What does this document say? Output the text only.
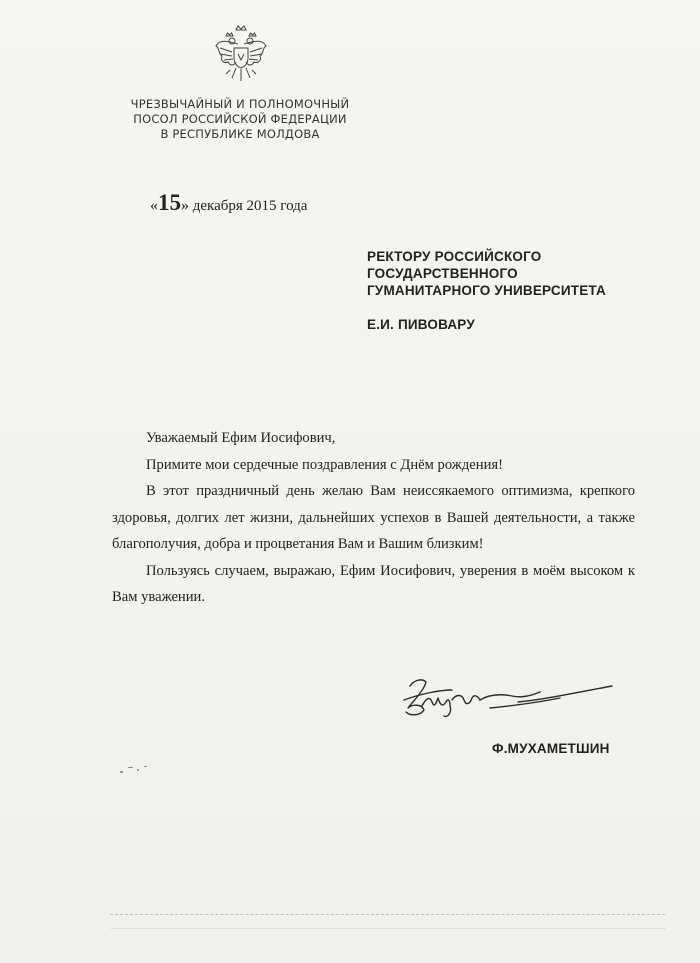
ЧРЕЗВЫЧАЙНЫЙ И ПОЛНОМОЧНЫЙ
ПОСОЛ РОССИЙСКОЙ ФЕДЕРАЦИИ
В РЕСПУБЛИКЕ МОЛДОВА
«15» декабря 2015 года
РЕКТОРУ РОССИЙСКОГО
ГОСУДАРСТВЕННОГО
ГУМАНИТАРНОГО УНИВЕРСИТЕТА
Е.И. ПИВОВАРУ

Уважаемый Ефим Иосифович,

Примите мои сердечные поздравления с Днём рождения!

В этот праздничный день желаю Вам неиссякаемого оптимизма, крепкого здоровья, долгих лет жизни, дальнейших успехов в Вашей деятельности, а также благополучия, добра и процветания Вам и Вашим близким!

Пользуясь случаем, выражаю, Ефим Иосифович, уверения в моём высоком к Вам уважении.

Ф.МУХАМЕТШИН
